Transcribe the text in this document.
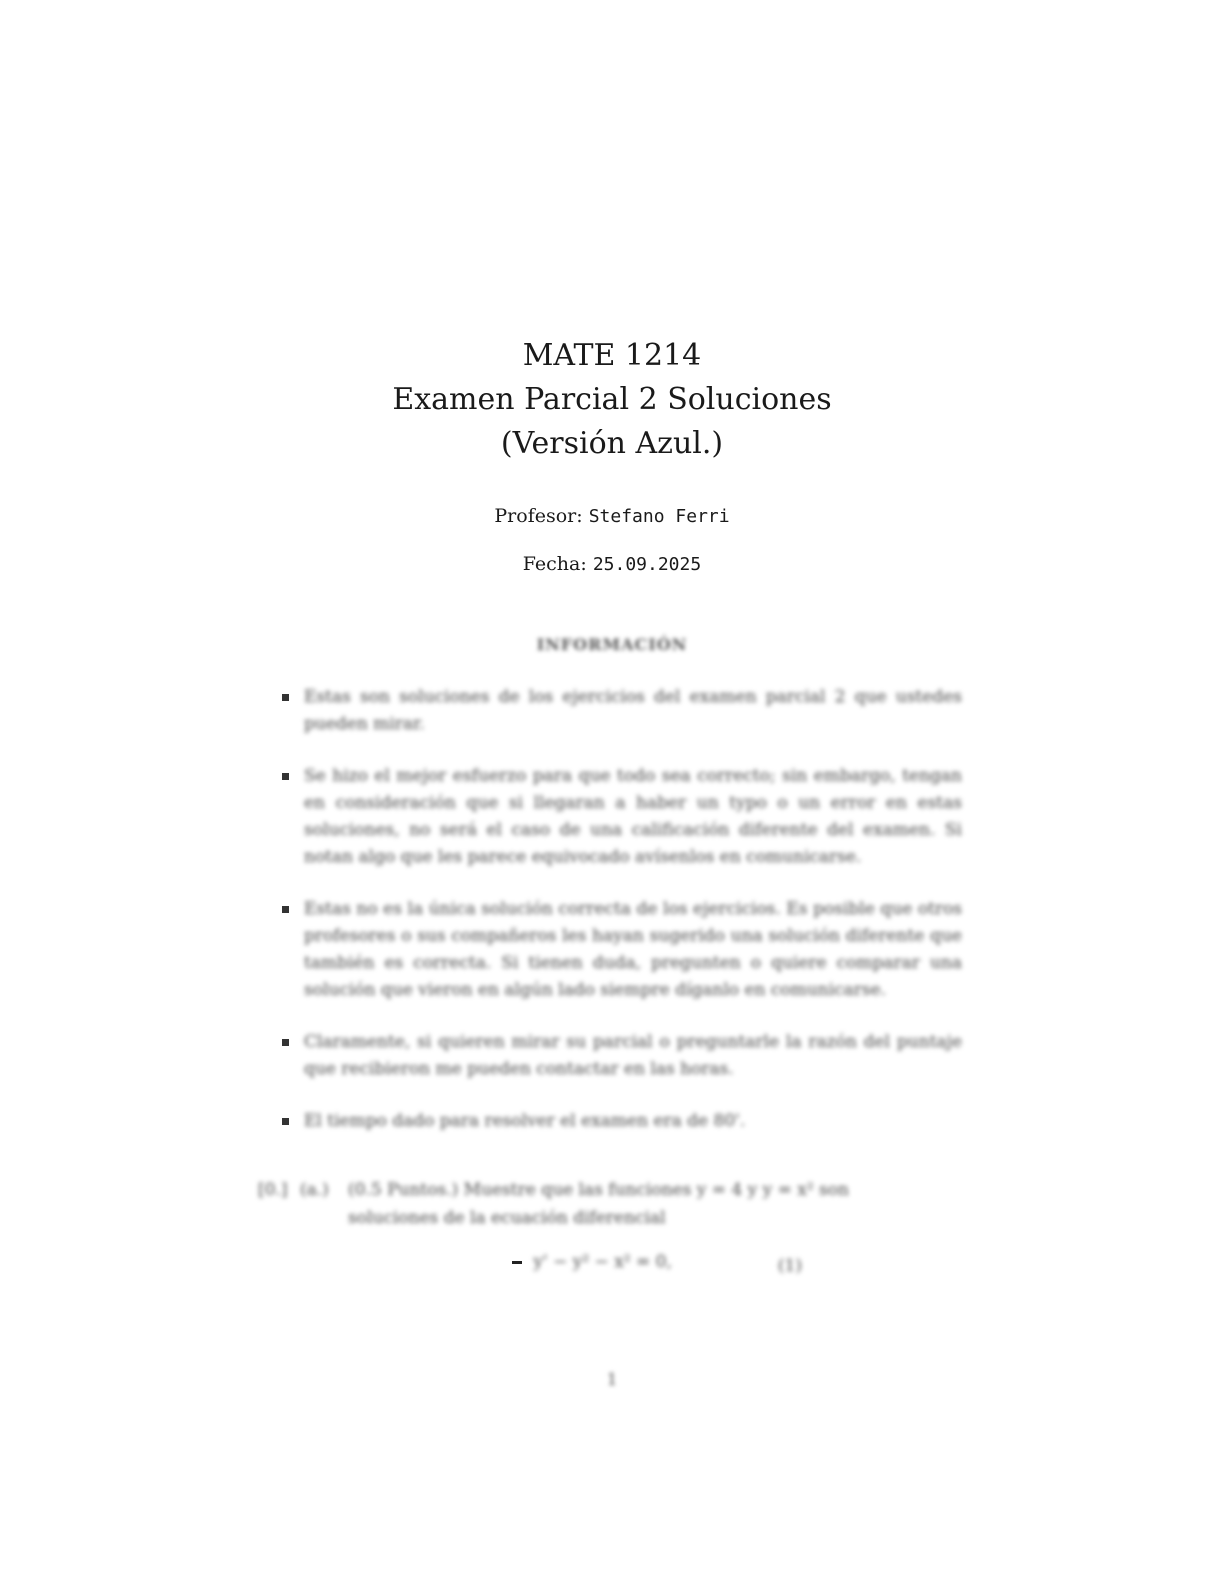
MATE 1214

Examen Parcial 2 Soluciones

(Versión Azul.)

Profesor: Stefano Ferri
Fecha: 25.09.2025
INFORMACIÓN
Estas son soluciones de los ejercicios del examen parcial 2 que ustedes pueden mirar.
Se hizo el mejor esfuerzo para que todo sea correcto; sin embargo, tengan en consideración que si llegaran a haber un typo o un error en estas soluciones, no será el caso de una calificación diferente del examen. Si notan algo que les parece equivocado avísenlos en comunicarse.
Estas no es la única solución correcta de los ejercicios. Es posible que otros profesores o sus compañeros les hayan sugerido una solución diferente que también es correcta. Si tienen duda, pregunten o quiere comparar una solución que vieron en algún lado siempre díganlo en comunicarse.
Claramente, si quieren mirar su parcial o preguntarle la razón del puntaje que recibieron me pueden contactar en las horas.
El tiempo dado para resolver el examen era de 80'.
[0.] (a.) (0.5 Puntos.) Muestre que las funciones y = 4 y y = x² son
soluciones de la ecuación diferencial
y' − y² − x² = 0,	(1)
1
